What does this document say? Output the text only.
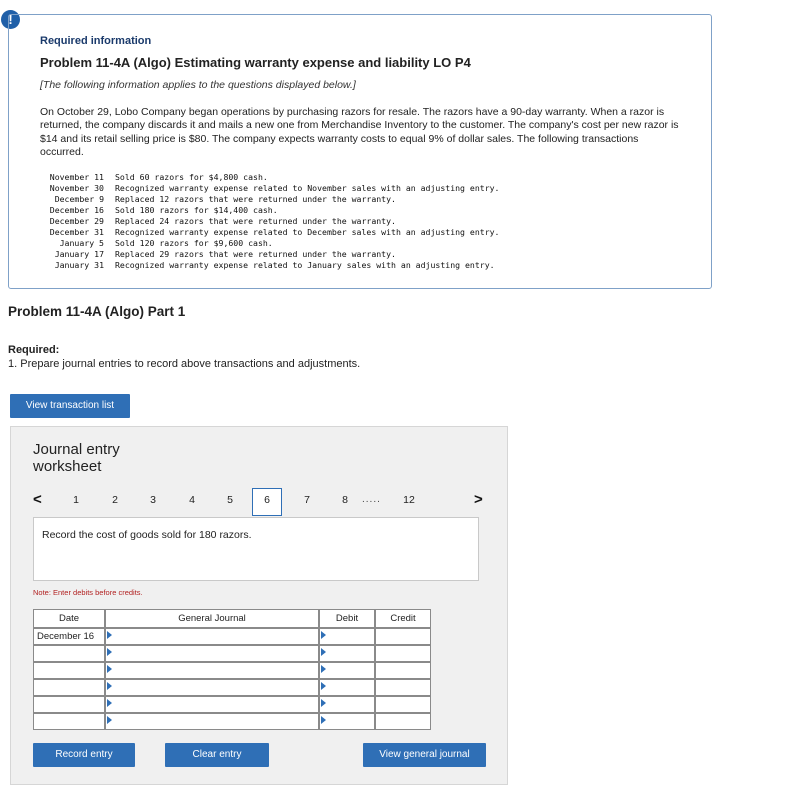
!
Required information
Problem 11-4A (Algo) Estimating warranty expense and liability LO P4
[The following information applies to the questions displayed below.]
On October 29, Lobo Company began operations by purchasing razors for resale. The razors have a 90-day warranty. When a razor is returned, the company discards it and mails a new one from Merchandise Inventory to the customer. The company's cost per new razor is $14 and its retail selling price is $80. The company expects warranty costs to equal 9% of dollar sales. The following transactions occurred.
November 11 Sold 60 razors for $4,800 cash.
November 30 Recognized warranty expense related to November sales with an adjusting entry.
December 9 Replaced 12 razors that were returned under the warranty.
December 16 Sold 180 razors for $14,400 cash.
December 29 Replaced 24 razors that were returned under the warranty.
December 31 Recognized warranty expense related to December sales with an adjusting entry.
January 5 Sold 120 razors for $9,600 cash.
January 17 Replaced 29 razors that were returned under the warranty.
January 31 Recognized warranty expense related to January sales with an adjusting entry.
Problem 11-4A (Algo) Part 1
Required:
1. Prepare journal entries to record above transactions and adjustments.
View transaction list
Journal entry worksheet
<	1	2	3	4	5	6	7	8	.....	12	>
Record the cost of goods sold for 180 razors.
Note: Enter debits before credits.
Date	General Journal	Debit	Credit
December 16
Record entry	Clear entry	View general journal
